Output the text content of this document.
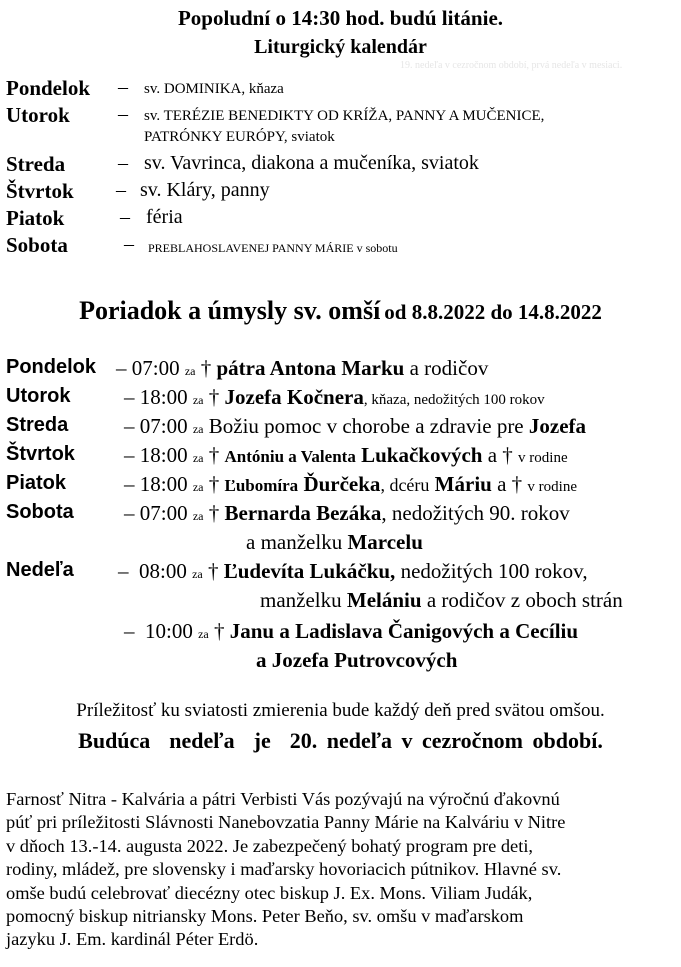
Popoludní o 14:30 hod. budú litánie.
Liturgický kalendár
19. nedeľa v cezročnom období, prvá nedeľa v mesiaci.
Pondelok – sv. DOMINIKA, kňaza
Utorok – sv. TERÉZIE BENEDIKTY OD KRÍŽA, PANNY A MUČENICE,
PATRÓNKY EURÓPY, sviatok
Streda	– sv. Vavrinca, diakona a mučeníka, sviatok
Štvrtok – sv. Kláry, panny
Piatok	– féria
Sobota	– PREBLAHOSLAVENEJ PANNY MÁRIE v sobotu
Poriadok a úmysly sv. omší od 8.8.2022 do 14.8.2022
Pondelok – 07:00 za † pátra Antona Marku a rodičov
Utorok	– 18:00 za † Jozefa Kočnera, kňaza, nedožitých 100 rokov
Streda	– 07:00 za Božiu pomoc v chorobe a zdravie pre Jozefa
Štvrtok – 18:00 za † Antóniu a Valenta Lukačkových a † v rodine
Piatok	– 18:00 za † Ľubomíra Ďurčeka, dcéru Máriu a † v rodine
Sobota – 07:00 za † Bernarda Bezáka, nedožitých 90. rokov
a manželku Marcelu
Nedeľa – 08:00 za † Ľudevíta Lukáčku, nedožitých 100 rokov,
manželku Melániu a rodičov z oboch strán
– 10:00 za † Janu a Ladislava Čanigových a Cecíliu
a Jozefa Putrovcových
Príležitosť ku sviatosti zmierenia bude každý deň pred svätou omšou.
Budúca  nedeľa  je  20. nedeľa v cezročnom období.
Farnosť Nitra - Kalvária a pátri Verbisti Vás pozývajú na výročnú ďakovnú
púť pri príležitosti Slávnosti Nanebovzatia Panny Márie na Kalváriu v Nitre
v dňoch 13.-14. augusta 2022. Je zabezpečený bohatý program pre deti,
rodiny, mládež, pre slovensky i maďarsky hovoriacich pútnikov. Hlavné sv.
omše budú celebrovať diecézny otec biskup J. Ex. Mons. Viliam Judák,
pomocný biskup nitriansky Mons. Peter Beňo, sv. omšu v maďarskom
jazyku J. Em. kardinál Péter Erdö.
